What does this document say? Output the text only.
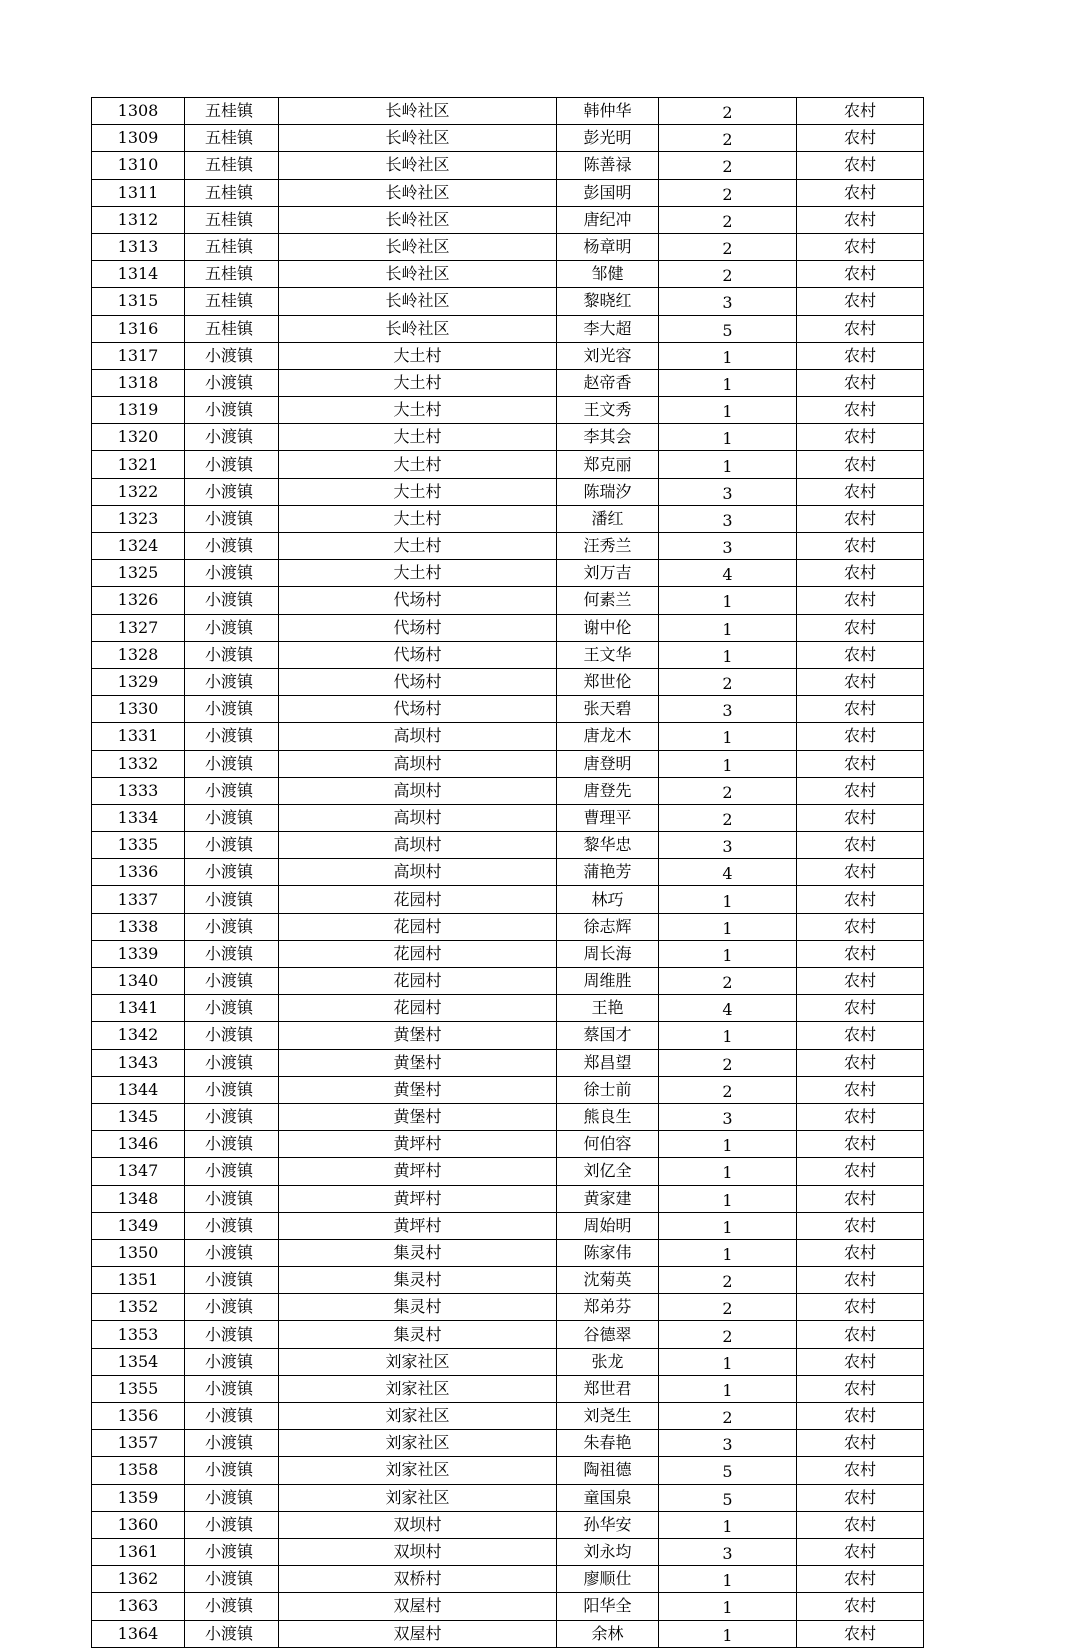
1308	五桂镇	长岭社区	韩仲华	2	农村
1309	五桂镇	长岭社区	彭光明	2	农村
1310	五桂镇	长岭社区	陈善禄	2	农村
1311	五桂镇	长岭社区	彭国明	2	农村
1312	五桂镇	长岭社区	唐纪冲	2	农村
1313	五桂镇	长岭社区	杨章明	2	农村
1314	五桂镇	长岭社区	邹健	2	农村
1315	五桂镇	长岭社区	黎晓红	3	农村
1316	五桂镇	长岭社区	李大超	5	农村
1317	小渡镇	大土村	刘光容	1	农村
1318	小渡镇	大土村	赵帝香	1	农村
1319	小渡镇	大土村	王文秀	1	农村
1320	小渡镇	大土村	李其会	1	农村
1321	小渡镇	大土村	郑克丽	1	农村
1322	小渡镇	大土村	陈瑞汐	3	农村
1323	小渡镇	大土村	潘红	3	农村
1324	小渡镇	大土村	汪秀兰	3	农村
1325	小渡镇	大土村	刘万吉	4	农村
1326	小渡镇	代场村	何素兰	1	农村
1327	小渡镇	代场村	谢中伦	1	农村
1328	小渡镇	代场村	王文华	1	农村
1329	小渡镇	代场村	郑世伦	2	农村
1330	小渡镇	代场村	张天碧	3	农村
1331	小渡镇	高坝村	唐龙木	1	农村
1332	小渡镇	高坝村	唐登明	1	农村
1333	小渡镇	高坝村	唐登先	2	农村
1334	小渡镇	高坝村	曹理平	2	农村
1335	小渡镇	高坝村	黎华忠	3	农村
1336	小渡镇	高坝村	蒲艳芳	4	农村
1337	小渡镇	花园村	林巧	1	农村
1338	小渡镇	花园村	徐志辉	1	农村
1339	小渡镇	花园村	周长海	1	农村
1340	小渡镇	花园村	周维胜	2	农村
1341	小渡镇	花园村	王艳	4	农村
1342	小渡镇	黄堡村	蔡国才	1	农村
1343	小渡镇	黄堡村	郑昌望	2	农村
1344	小渡镇	黄堡村	徐士前	2	农村
1345	小渡镇	黄堡村	熊良生	3	农村
1346	小渡镇	黄坪村	何伯容	1	农村
1347	小渡镇	黄坪村	刘亿全	1	农村
1348	小渡镇	黄坪村	黄家建	1	农村
1349	小渡镇	黄坪村	周始明	1	农村
1350	小渡镇	集灵村	陈家伟	1	农村
1351	小渡镇	集灵村	沈菊英	2	农村
1352	小渡镇	集灵村	郑弟芬	2	农村
1353	小渡镇	集灵村	谷德翠	2	农村
1354	小渡镇	刘家社区	张龙	1	农村
1355	小渡镇	刘家社区	郑世君	1	农村
1356	小渡镇	刘家社区	刘尧生	2	农村
1357	小渡镇	刘家社区	朱春艳	3	农村
1358	小渡镇	刘家社区	陶祖德	5	农村
1359	小渡镇	刘家社区	童国泉	5	农村
1360	小渡镇	双坝村	孙华安	1	农村
1361	小渡镇	双坝村	刘永均	3	农村
1362	小渡镇	双桥村	廖顺仕	1	农村
1363	小渡镇	双屋村	阳华全	1	农村
1364	小渡镇	双屋村	余林	1	农村
